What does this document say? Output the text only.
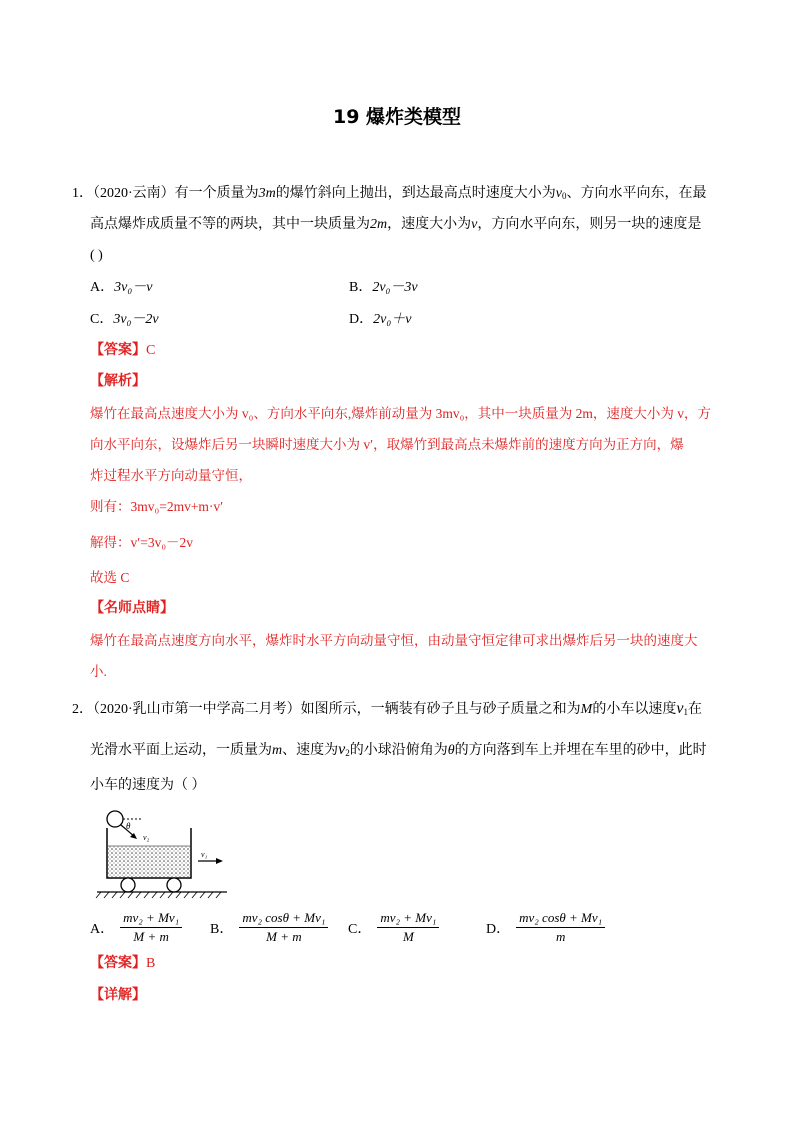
19 爆炸类模型
1．（2020·云南）有一个质量为3m的爆竹斜向上抛出，到达最高点时速度大小为$v_0$、方向水平向东，在最
高点爆炸成质量不等的两块，其中一块质量为2m，速度大小为v，方向水平向东，则另一块的速度是
( )
A．3v₀－v	B．2v₀－3v
C．3v₀－2v	D．2v₀＋v
【答案】C
【解析】
爆竹在最高点速度大小为 v₀、方向水平向东,爆炸前动量为 3mv₀，其中一块质量为 2m，速度大小为 v，方
向水平向东，设爆炸后另一块瞬时速度大小为 v′，取爆竹到最高点未爆炸前的速度方向为正方向，爆
炸过程水平方向动量守恒，
则有：3mv₀=2mv+m·v′
解得：v′=3v₀－2v
故选 C
【名师点睛】
爆竹在最高点速度方向水平，爆炸时水平方向动量守恒，由动量守恒定律可求出爆炸后另一块的速度大
小.
2．（2020·乳山市第一中学高二月考）如图所示，一辆装有砂子且与砂子质量之和为M的小车以速度$v_1$在
光滑水平面上运动，一质量为m、速度为$v_2$的小球沿俯角为θ的方向落到车上并埋在车里的砂中，此时
小车的速度为（ ）
θ
v₂
v₁
A． $\frac{\text{mv₂ + Mv₁}}{M + m}$ B． $\frac{\text{mv₂ cosθ + Mv₁}}{M + m}$ C． $\frac{\text{mv₂ + Mv₁}}{M}$	D． $\frac{\text{mv₂ cosθ + Mv₁}}{m}$
【答案】B
【详解】
